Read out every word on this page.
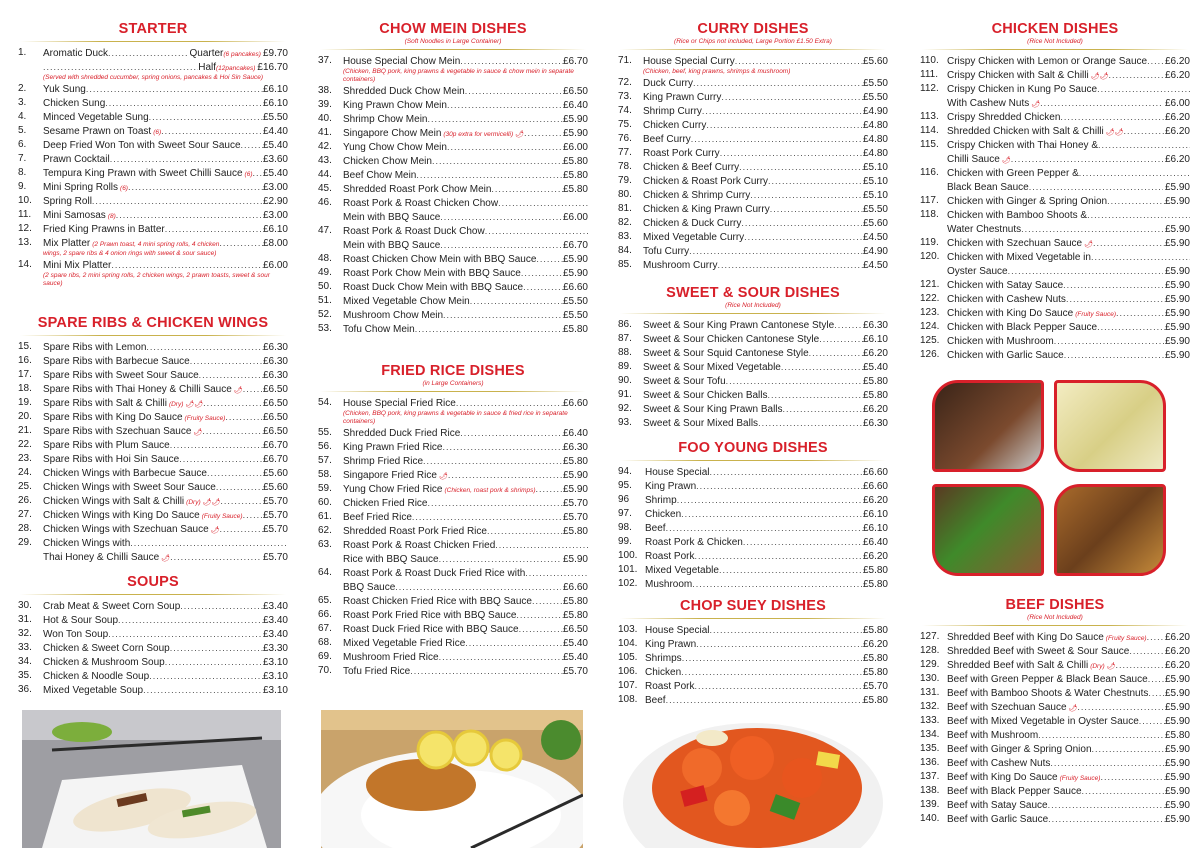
STARTER
1.	Aromatic Duck .....	Quarter (6 pancakes) £9.70
.....
Half (12pancakes) £16.70
(Served with shredded cucumber, spring onions, pancakes & Hoi Sin Sauce)
2.	Yuk Sung .....	£6.10
3.	Chicken Sung .....	£6.10
4.	Minced Vegetable Sung .....	£5.50
5.	Sesame Prawn on Toast (6) .....	£4.40
6.	Deep Fried Won Ton with Sweet Sour Sauce ..... £5.40
7.	Prawn Cocktail .....	£3.60
8.	Tempura King Prawn with Sweet Chilli Sauce (6) ..... £5.40
9.	Mini Spring Rolls (6) .....	£3.00
10.	Spring Roll .....	£2.90
11.	Mini Samosas (8) .....	£3.00
12.	Fried King Prawns in Batter .....	£6.10
13.	Mix Platter (2 Prawn toast, 4 mini spring rolls, 4 chicken .....	£8.00
wings, 2 spare ribs & 4 onion rings with sweet & sour sauce)
14.	Mini Mix Platter .....	£6.00
(2 spare ribs, 2 mini spring rolls, 2 chicken wings, 2 prawn toasts, sweet & sour sauce)
SPARE RIBS & CHICKEN WINGS
15.	Spare Ribs with Lemon .....	£6.30
16.	Spare Ribs with Barbecue Sauce .....	£6.30
17.	Spare Ribs with Sweet Sour Sauce .....	£6.30
18.	Spare Ribs with Thai Honey & Chilli Sauce 🌶 ..... £6.50
19.	Spare Ribs with Salt & Chilli (Dry) 🌶🌶 .....	£6.50
20.	Spare Ribs with King Do Sauce (Fruity Sauce) .....	£6.50
21.	Spare Ribs with Szechuan Sauce 🌶 .....	£6.50
22.	Spare Ribs with Plum Sauce .....	£6.70
23.	Spare Ribs with Hoi Sin Sauce .....	£6.70
24.	Chicken Wings with Barbecue Sauce .....	£5.60
25.	Chicken Wings with Sweet Sour Sauce .....	£5.60
26.	Chicken Wings with Salt & Chilli (Dry) 🌶🌶 .....	£5.70
27.	Chicken Wings with King Do Sauce (Fruity Sauce) ..... £5.70
28.	Chicken Wings with Szechuan Sauce 🌶 .....	£5.70
29.	Chicken Wings with
.....
Thai Honey & Chilli Sauce 🌶 .....	£5.70
SOUPS
30.	Crab Meat & Sweet Corn Soup .....	£3.40
31.	Hot & Sour Soup .....	£3.40
32.	Won Ton Soup .....	£3.40
33.	Chicken & Sweet Corn Soup .....	£3.30
34.	Chicken & Mushroom Soup .....	£3.10
35.	Chicken & Noodle Soup .....	£3.10
36.	Mixed Vegetable Soup .....	£3.10
CHOW MEIN DISHES
(Soft Noodles in Large Container)
37.	House Special Chow Mein .....	£6.70
(Chicken, BBQ pork, king prawns & vegetable in sauce & chow mein in separate containers)
38.	Shredded Duck Chow Mein .....	£6.50
39.	King Prawn Chow Mein .....	£6.40
40.	Shrimp Chow Mein .....	£5.90
41.	Singapore Chow Mein (30p extra for vermicelli) 🌶 .....	£5.90
42.	Yung Chow Chow Mein .....	£6.00
43.	Chicken Chow Mein .....	£5.80
44.	Beef Chow Mein .....	£5.80
45.	Shredded Roast Pork Chow Mein .....	£5.80
46.	Roast Pork & Roast Chicken Chow
.....
Mein with BBQ Sauce .....	£6.00
47.	Roast Pork & Roast Duck Chow
.....
Mein with BBQ Sauce .....	£6.70
48.	Roast Chicken Chow Mein with BBQ Sauce .....	£5.90
49.	Roast Pork Chow Mein with BBQ Sauce .....	£5.90
50.	Roast Duck Chow Mein with BBQ Sauce .....	£6.60
51.	Mixed Vegetable Chow Mein .....	£5.50
52.	Mushroom Chow Mein .....	£5.50
53.	Tofu Chow Mein .....	£5.80
FRIED RICE DISHES
(in Large Containers)
54.	House Special Fried Rice .....	£6.60
(Chicken, BBQ pork, king prawns & vegetable in sauce & fried rice in separate containers)
55.	Shredded Duck Fried Rice .....	£6.40
56.	King Prawn Fried Rice .....	£6.30
57.	Shrimp Fried Rice .....	£5.80
58.	Singapore Fried Rice 🌶 .....	£5.90
59.	Yung Chow Fried Rice (Chicken, roast pork & shrimps) .....	£5.90
60.	Chicken Fried Rice .....	£5.70
61.	Beef Fried Rice .....	£5.70
62.	Shredded Roast Pork Fried Rice .....	£5.80
63.	Roast Pork & Roast Chicken Fried
.....
Rice with BBQ Sauce .....	£5.90
64.	Roast Pork & Roast Duck Fried Rice with
.....
BBQ Sauce .....	£6.60
65.	Roast Chicken Fried Rice with BBQ Sauce .....	£5.80
66.	Roast Pork Fried Rice with BBQ Sauce .....	£5.80
67.	Roast Duck Fried Rice with BBQ Sauce .....	£6.50
68.	Mixed Vegetable Fried Rice .....	£5.40
69.	Mushroom Fried Rice .....	£5.40
70.	Tofu Fried Rice .....	£5.70
CURRY DISHES
(Rice or Chips not included, Large Portion £1.50 Extra)
71.	House Special Curry .....	£5.60
(Chicken, beef, king prawns, shrimps & mushroom)
72.	Duck Curry .....	£5.50
73.	King Prawn Curry .....	£5.50
74.	Shrimp Curry .....	£4.90
75.	Chicken Curry .....	£4.80
76.	Beef Curry .....	£4.80
77.	Roast Pork Curry .....	£4.80
78.	Chicken & Beef Curry .....	£5.10
79.	Chicken & Roast Pork Curry .....	£5.10
80.	Chicken & Shrimp Curry .....	£5.10
81.	Chicken & King Prawn Curry .....	£5.50
82.	Chicken & Duck Curry .....	£5.60
83.	Mixed Vegetable Curry .....	£4.50
84.	Tofu Curry .....	£4.90
85.	Mushroom Curry .....	£4.50
SWEET & SOUR DISHES
(Rice Not Included)
86.	Sweet & Sour King Prawn Cantonese Style .....	£6.30
87.	Sweet & Sour Chicken Cantonese Style .....	£6.10
88.	Sweet & Sour Squid Cantonese Style .....	£6.20
89.	Sweet & Sour Mixed Vegetable .....	£5.40
90.	Sweet & Sour Tofu .....	£5.80
91.	Sweet & Sour Chicken Balls .....	£5.80
92.	Sweet & Sour King Prawn Balls .....	£6.20
93.	Sweet & Sour Mixed Balls .....	£6.30
FOO YOUNG DISHES
94.	House Special .....	£6.60
95.	King Prawn .....	£6.60
96	Shrimp .....	£6.20
97.	Chicken .....	£6.10
98.	Beef .....	£6.10
99.	Roast Pork & Chicken .....	£6.40
100. Roast Pork .....	£6.20
101. Mixed Vegetable .....	£5.80
102. Mushroom .....	£5.80
CHOP SUEY DISHES
103. House Special .....	£5.80
104. King Prawn .....	£6.20
105. Shrimps .....	£5.80
106. Chicken .....	£5.80
107. Roast Pork .....	£5.70
108. Beef .....	£5.80
CHICKEN DISHES
(Rice Not Included)
110. Crispy Chicken with Lemon or Orange Sauce ..... £6.20
111. Crispy Chicken with Salt & Chilli 🌶🌶 .....	£6.20
112. Crispy Chicken in Kung Po Sauce
.....
With Cashew Nuts 🌶 .....	£6.00
113. Crispy Shredded Chicken .....	£6.20
114. Shredded Chicken with Salt & Chilli 🌶🌶 .....	£6.20
115. Crispy Chicken with Thai Honey &
.....
Chilli Sauce 🌶 .....	£6.20
116. Chicken with Green Pepper &
.....
Black Bean Sauce .....	£5.90
117. Chicken with Ginger & Spring Onion .....	£5.90
118. Chicken with Bamboo Shoots &
.....
Water Chestnuts .....	£5.90
119. Chicken with Szechuan Sauce 🌶 .....	£5.90
120. Chicken with Mixed Vegetable in
.....
Oyster Sauce .....	£5.90
121. Chicken with Satay Sauce .....	£5.90
122. Chicken with Cashew Nuts .....	£5.90
123. Chicken with King Do Sauce (Fruity Sauce) .....	£5.90
124. Chicken with Black Pepper Sauce .....	£5.90
125. Chicken with Mushroom .....	£5.90
126. Chicken with Garlic Sauce .....	£5.90
BEEF DISHES
(Rice Not Included)
127. Shredded Beef with King Do Sauce (Fruity Sauce) ..... £6.20
128. Shredded Beef with Sweet & Sour Sauce .....	£6.20
129. Shredded Beef with Salt & Chilli (Dry) 🌶 .....	£6.20
130. Beef with Green Pepper & Black Bean Sauce ..... £5.90
131. Beef with Bamboo Shoots & Water Chestnuts ..... £5.90
132. Beef with Szechuan Sauce 🌶 .....	£5.90
133. Beef with Mixed Vegetable in Oyster Sauce .....	£5.90
134. Beef with Mushroom .....	£5.80
135. Beef with Ginger & Spring Onion .....	£5.90
136. Beef with Cashew Nuts .....	£5.90
137. Beef with King Do Sauce (Fruity Sauce) .....	£5.90
138. Beef with Black Pepper Sauce .....	£5.90
139. Beef with Satay Sauce .....	£5.90
140. Beef with Garlic Sauce .....	£5.90
